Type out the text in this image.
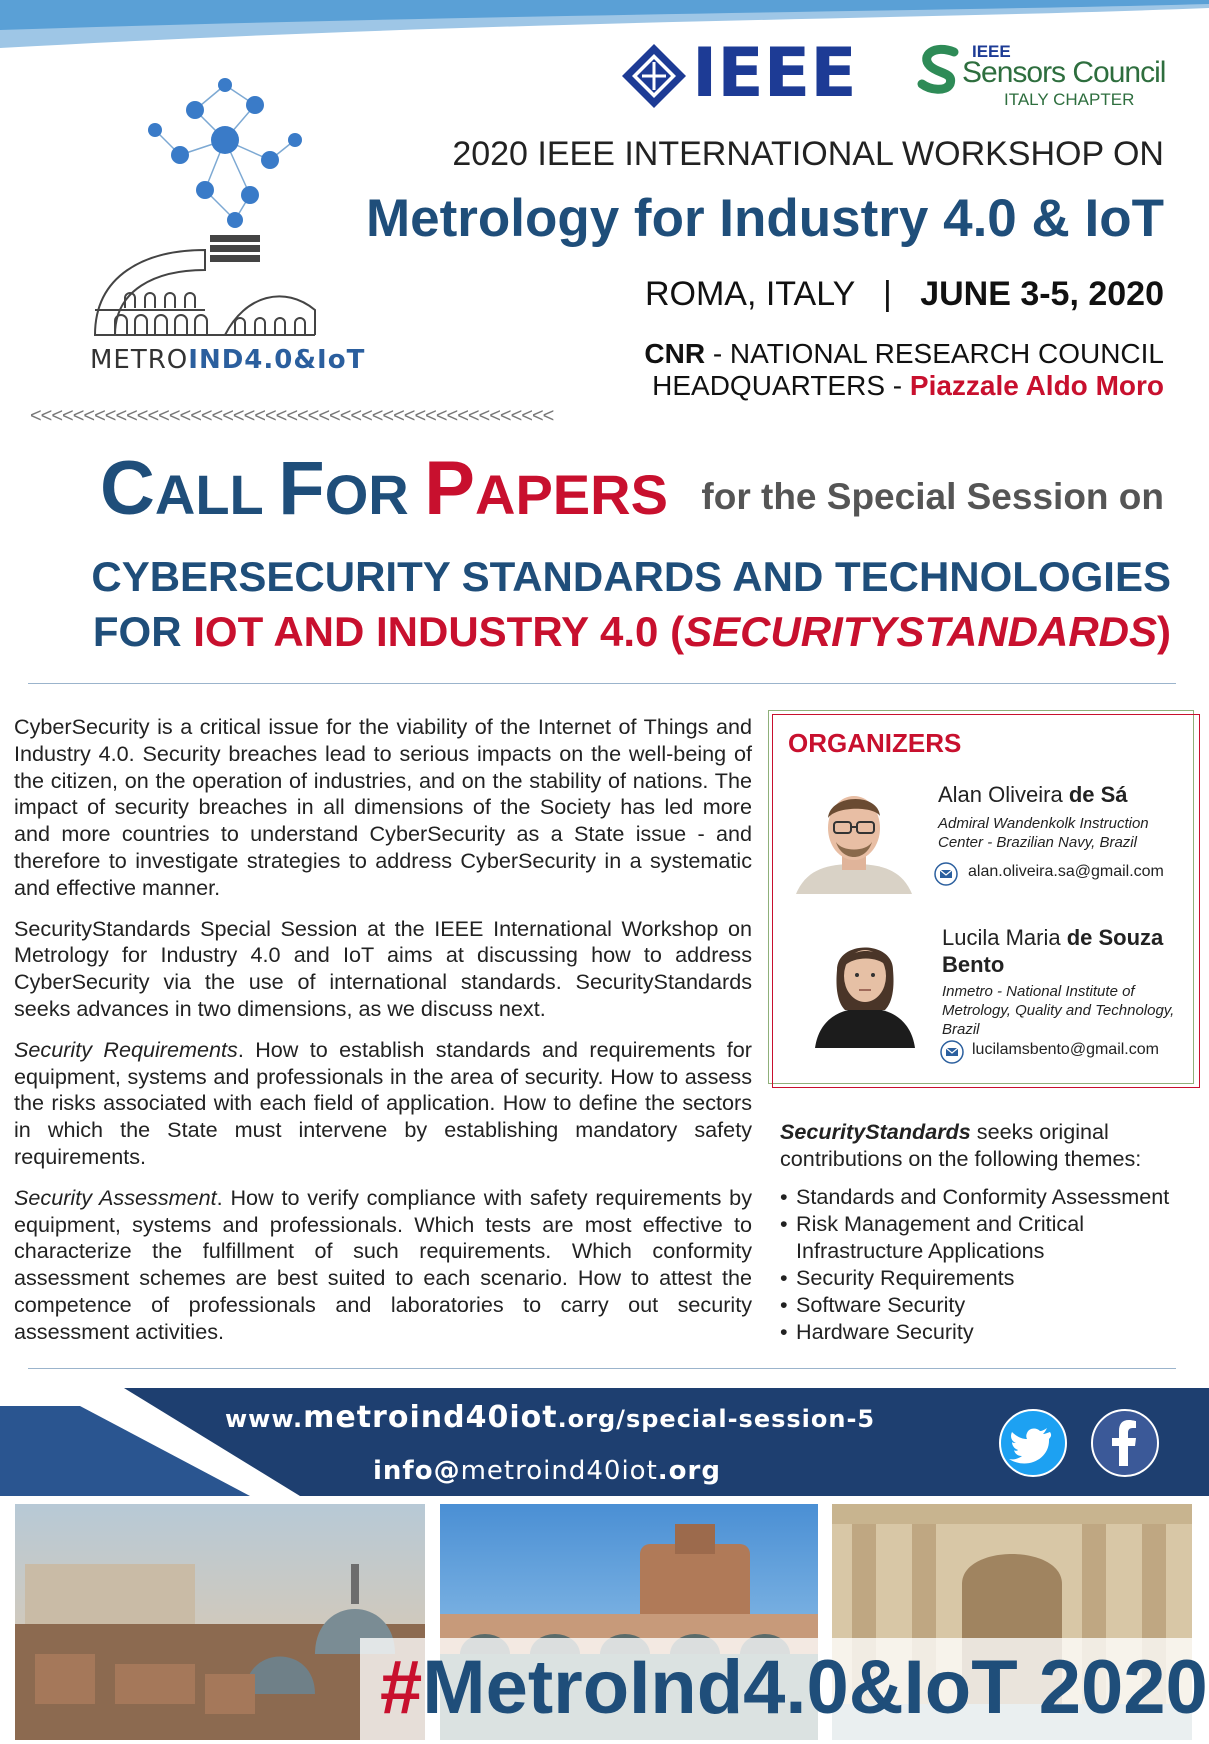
IEEE	IEEE
Sensors Council
ITALY CHAPTER
METROIND4.0&IoT
2020 IEEE INTERNATIONAL WORKSHOP ON
Metrology for Industry 4.0 & IoT
ROMA, ITALY | JUNE 3-5, 2020
CNR - NATIONAL RESEARCH COUNCIL
HEADQUARTERS - Piazzale Aldo Moro
<<<<<<<<<<<<<<<<<<<<<<<<<<<<<<<<<<<<<<<<<<<<<<<<<
CALL FOR PAPERS for the Special Session on
CYBERSECURITY STANDARDS AND TECHNOLOGIES
FOR IOT AND INDUSTRY 4.0 (SECURITYSTANDARDS)

CyberSecurity is a critical issue for the viability of the Internet of Things and Industry 4.0. Security breaches lead to serious impacts on the well-being of the citizen, on the operation of industries, and on the stability of nations. The impact of security breaches in all dimensions of the Society has led more and more countries to understand CyberSecurity as a State issue - and therefore to investigate strategies to address CyberSecurity in a systematic and effective manner.

SecurityStandards Special Session at the IEEE International Workshop on Metrology for Industry 4.0 and IoT aims at discussing how to address CyberSecurity via the use of international standards. SecurityStandards seeks advances in two dimensions, as we discuss next.

Security Requirements. How to establish standards and requirements for equipment, systems and professionals in the area of security. How to assess the risks associated with each field of application. How to define the sectors in which the State must intervene by establishing mandatory safety requirements.

Security Assessment. How to verify compliance with safety requirements by equipment, systems and professionals. Which tests are most effective to characterize the fulfillment of such requirements. Which conformity assessment schemes are best suited to each scenario. How to attest the competence of professionals and laboratories to carry out security assessment activities.

ORGANIZERS
Alan Oliveira de Sá
Admiral Wandenkolk Instruction Center - Brazilian Navy, Brazil
alan.oliveira.sa@gmail.com
Lucila Maria de Souza Bento
Inmetro - National Institute of Metrology, Quality and Technology, Brazil
lucilamsbento@gmail.com
SecurityStandards seeks original contributions on the following themes:
• Standards and Conformity Assessment
• Risk Management and Critical Infrastructure Applications
• Security Requirements
• Software Security
• Hardware Security
www.metroind40iot.org/special-session-5
info@metroind40iot.org
#MetroInd4.0&IoT 2020
